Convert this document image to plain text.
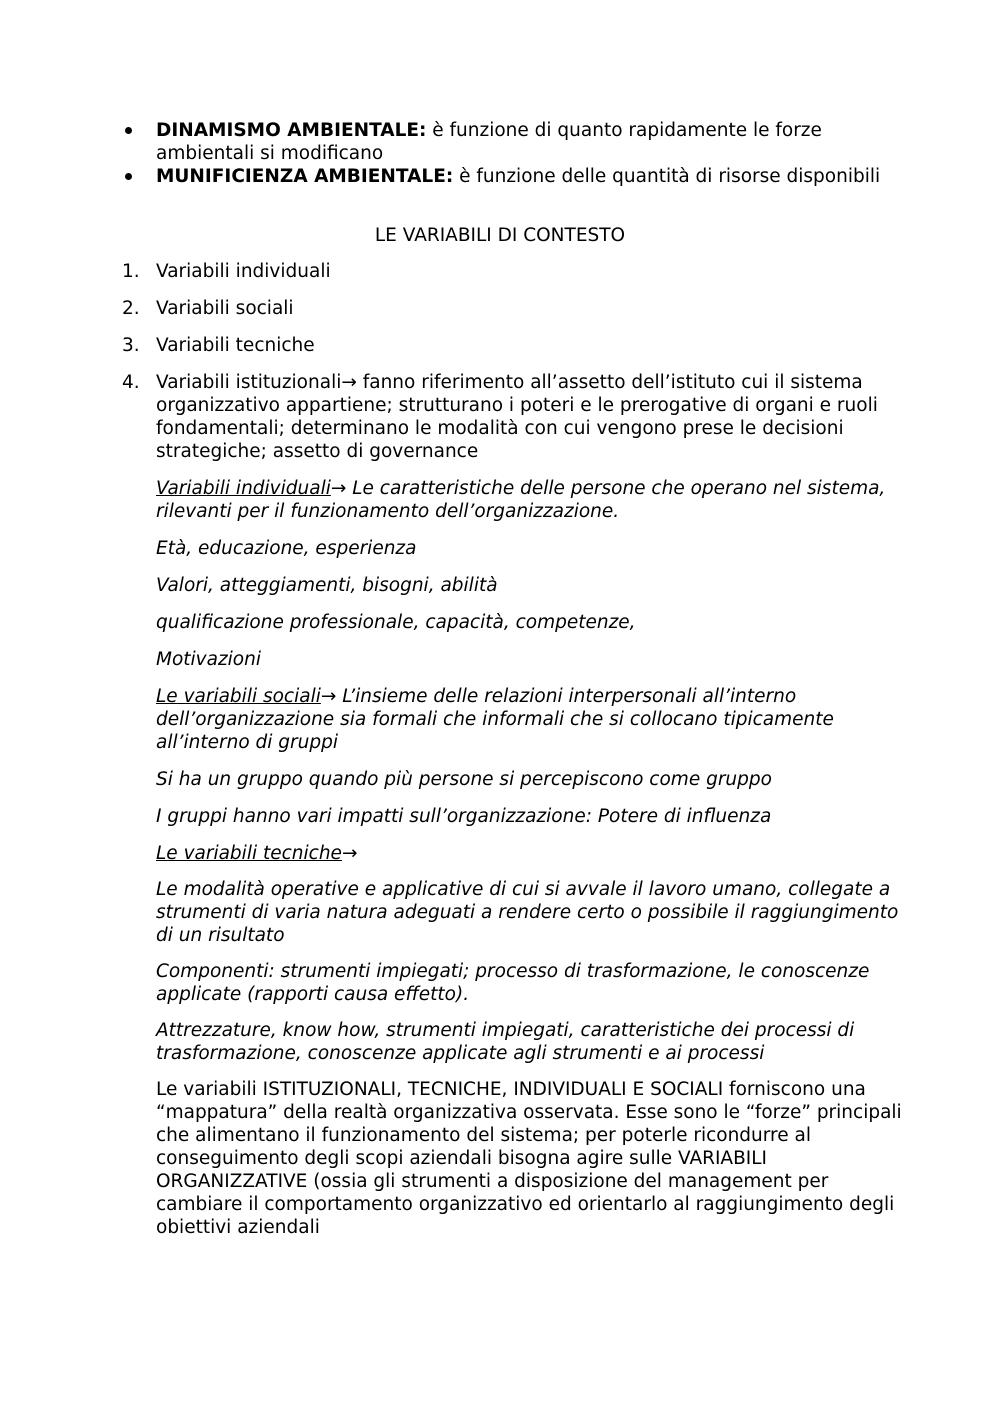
DINAMISMO AMBIENTALE: è funzione di quanto rapidamente le forze ambientali si modificano
MUNIFICIENZA AMBIENTALE: è funzione delle quantità di risorse disponibili

LE VARIABILI DI CONTESTO

1. Variabili individuali
2. Variabili sociali
3. Variabili tecniche
4. Variabili istituzionali→ fanno riferimento all’assetto dell’istituto cui il sistema organizzativo appartiene; strutturano i poteri e le prerogative di organi e ruoli fondamentali; determinano le modalità con cui vengono prese le decisioni strategiche; assetto di governance
Variabili individuali→ Le caratteristiche delle persone che operano nel sistema, rilevanti per il funzionamento dell’organizzazione.
Età, educazione, esperienza
Valori, atteggiamenti, bisogni, abilità
qualificazione professionale, capacità, competenze,
Motivazioni
Le variabili sociali→ L’insieme delle relazioni interpersonali all’interno dell’organizzazione sia formali che informali che si collocano tipicamente all’interno di gruppi
Si ha un gruppo quando più persone si percepiscono come gruppo
I gruppi hanno vari impatti sull’organizzazione: Potere di influenza
Le variabili tecniche→
Le modalità operative e applicative di cui si avvale il lavoro umano, collegate a strumenti di varia natura adeguati a rendere certo o possibile il raggiungimento di un risultato
Componenti: strumenti impiegati; processo di trasformazione, le conoscenze applicate (rapporti causa effetto).
Attrezzature, know how, strumenti impiegati, caratteristiche dei processi di trasformazione, conoscenze applicate agli strumenti e ai processi
Le variabili ISTITUZIONALI, TECNICHE, INDIVIDUALI E SOCIALI forniscono una “mappatura” della realtà organizzativa osservata. Esse sono le “forze” principali che alimentano il funzionamento del sistema; per poterle ricondurre al conseguimento degli scopi aziendali bisogna agire sulle VARIABILI ORGANIZZATIVE (ossia gli strumenti a disposizione del management per cambiare il comportamento organizzativo ed orientarlo al raggiungimento degli obiettivi aziendali
